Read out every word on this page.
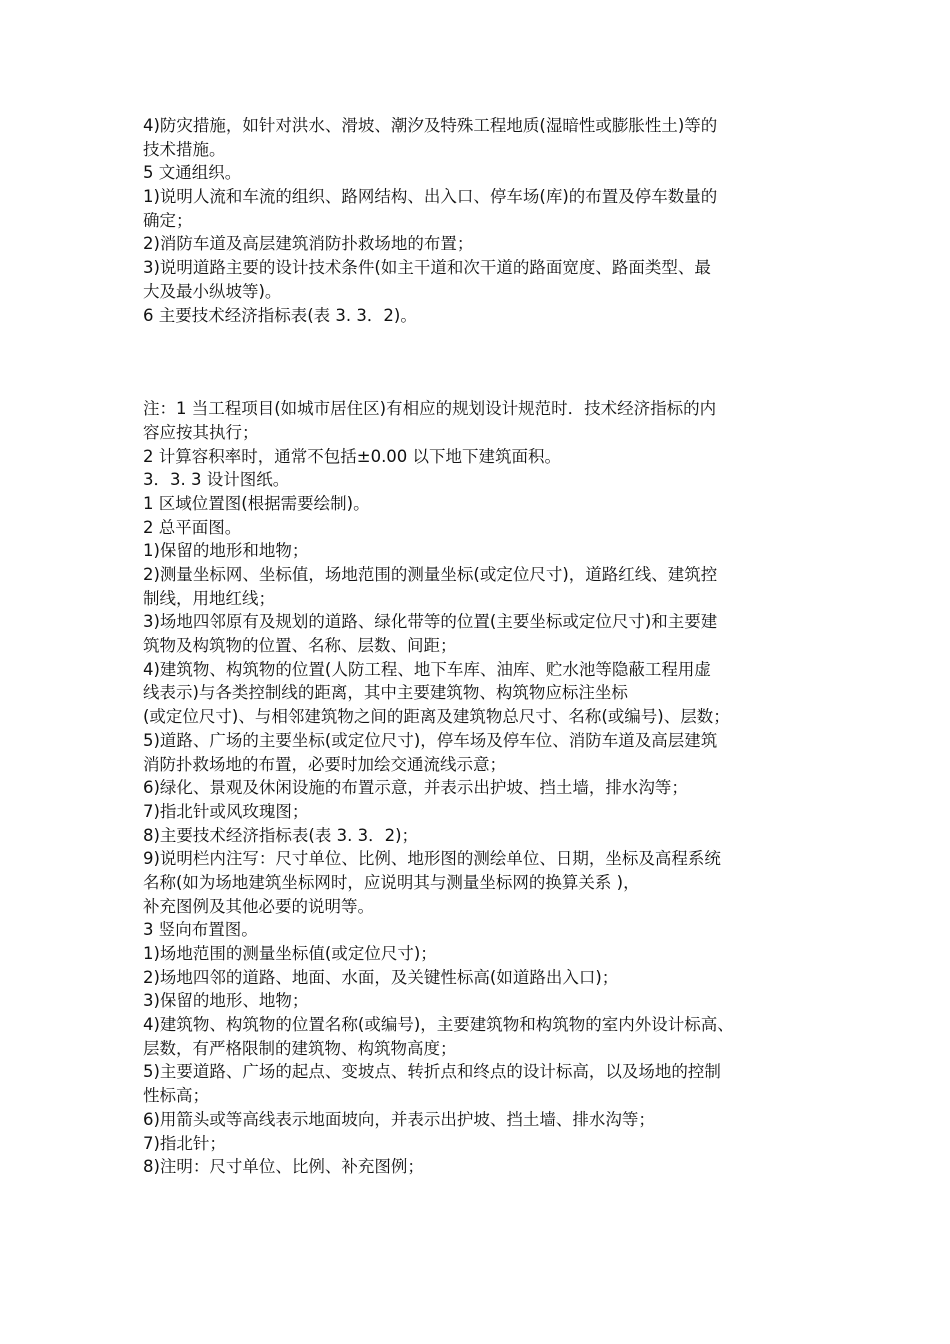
4)防灾措施，如针对洪水、滑坡、潮汐及特殊工程地质(湿暗性或膨胀性土)等的
技术措施。
5 文通组织。
1)说明人流和车流的组织、路网结构、出入口、停车场(库)的布置及停车数量的
确定；
2)消防车道及高层建筑消防扑救场地的布置；
3)说明道路主要的设计技术条件(如主干道和次干道的路面宽度、路面类型、最
大及最小纵坡等)。
6 主要技术经济指标表(表 3. 3．2)。
注：1 当工程项目(如城市居住区)有相应的规划设计规范时．技术经济指标的内
容应按其执行；
2 计算容积率时，通常不包括±0.00 以下地下建筑面积。
3．3. 3 设计图纸。
1 区域位置图(根据需要绘制)。
2 总平面图。
1)保留的地形和地物；
2)测量坐标网、坐标值，场地范围的测量坐标(或定位尺寸)，道路红线、建筑控
制线，用地红线；
3)场地四邻原有及规划的道路、绿化带等的位置(主要坐标或定位尺寸)和主要建
筑物及构筑物的位置、名称、层数、间距；
4)建筑物、构筑物的位置(人防工程、地下车库、油库、贮水池等隐蔽工程用虚
线表示)与各类控制线的距离，其中主要建筑物、构筑物应标注坐标
(或定位尺寸)、与相邻建筑物之间的距离及建筑物总尺寸、名称(或编号)、层数；
5)道路、广场的主要坐标(或定位尺寸)，停车场及停车位、消防车道及高层建筑
消防扑救场地的布置，必要时加绘交通流线示意；
6)绿化、景观及休闲设施的布置示意，并表示出护坡、挡土墙，排水沟等；
7)指北针或风玫瑰图；
8)主要技术经济指标表(表 3. 3．2)；
9)说明栏内注写：尺寸单位、比例、地形图的测绘单位、日期，坐标及高程系统
名称(如为场地建筑坐标网时，应说明其与测量坐标网的换算关系 )，
补充图例及其他必要的说明等。
3 竖向布置图。
1)场地范围的测量坐标值(或定位尺寸)；
2)场地四邻的道路、地面、水面，及关键性标高(如道路出入口)；
3)保留的地形、地物；
4)建筑物、构筑物的位置名称(或编号)，主要建筑物和构筑物的室内外设计标高、
层数，有严格限制的建筑物、构筑物高度；
5)主要道路、广场的起点、变坡点、转折点和终点的设计标高，以及场地的控制
性标高；
6)用箭头或等高线表示地面坡向，并表示出护坡、挡土墙、排水沟等；
7)指北针；
8)注明：尺寸单位、比例、补充图例；
